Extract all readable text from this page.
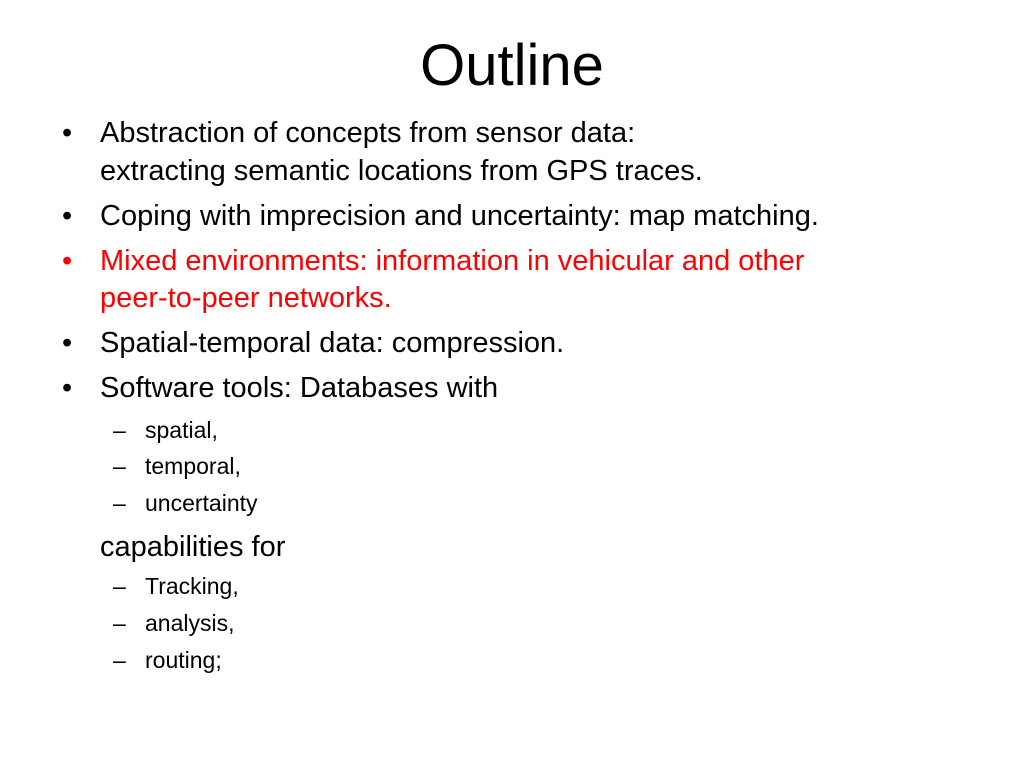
Outline
• Abstraction of concepts from sensor data:
extracting semantic locations from GPS traces.
• Coping with imprecision and uncertainty: map matching.
• Mixed environments: information in vehicular and other
peer-to-peer networks.
• Spatial-temporal data: compression.
• Software tools: Databases with
– spatial,
– temporal,
– uncertainty
capabilities for
– Tracking,
– analysis,
– routing;
